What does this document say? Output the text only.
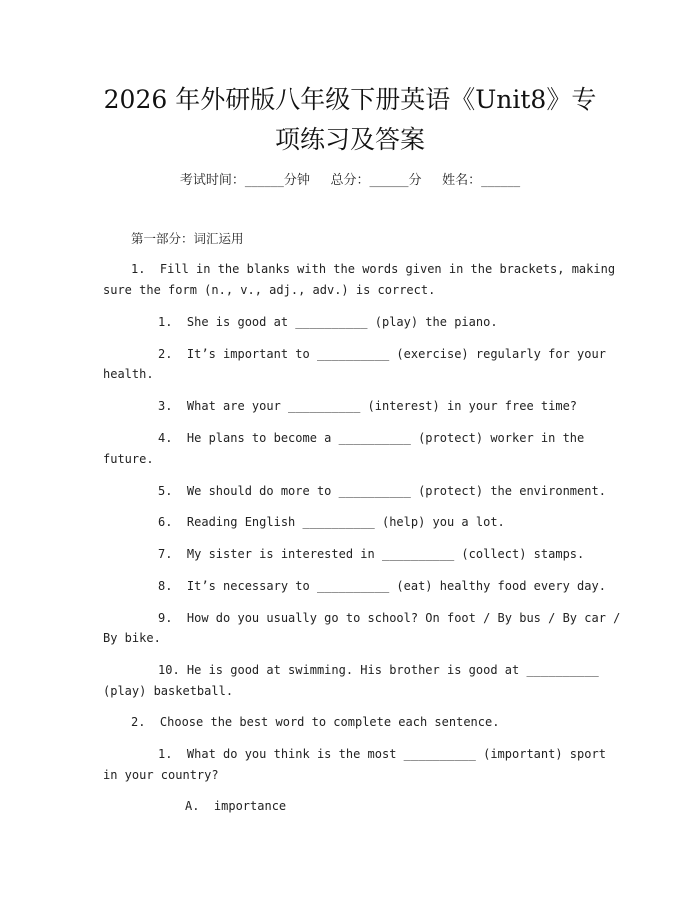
2026 年外研版八年级下册英语《Unit8》专
项练习及答案
考试时间：______分钟     总分：______分     姓名：______
第一部分：词汇运用
1.  Fill in the blanks with the words given in the brackets, making
sure the form (n., v., adj., adv.) is correct.
1.  She is good at __________ (play) the piano.
2.  It’s important to __________ (exercise) regularly for your
health.
3.  What are your __________ (interest) in your free time?
4.  He plans to become a __________ (protect) worker in the
future.
5.  We should do more to __________ (protect) the environment.
6.  Reading English __________ (help) you a lot.
7.  My sister is interested in __________ (collect) stamps.
8.  It’s necessary to __________ (eat) healthy food every day.
9.  How do you usually go to school? On foot / By bus / By car /
By bike.
10. He is good at swimming. His brother is good at __________
(play) basketball.
2.  Choose the best word to complete each sentence.
1.  What do you think is the most __________ (important) sport
in your country?
A.  importance
